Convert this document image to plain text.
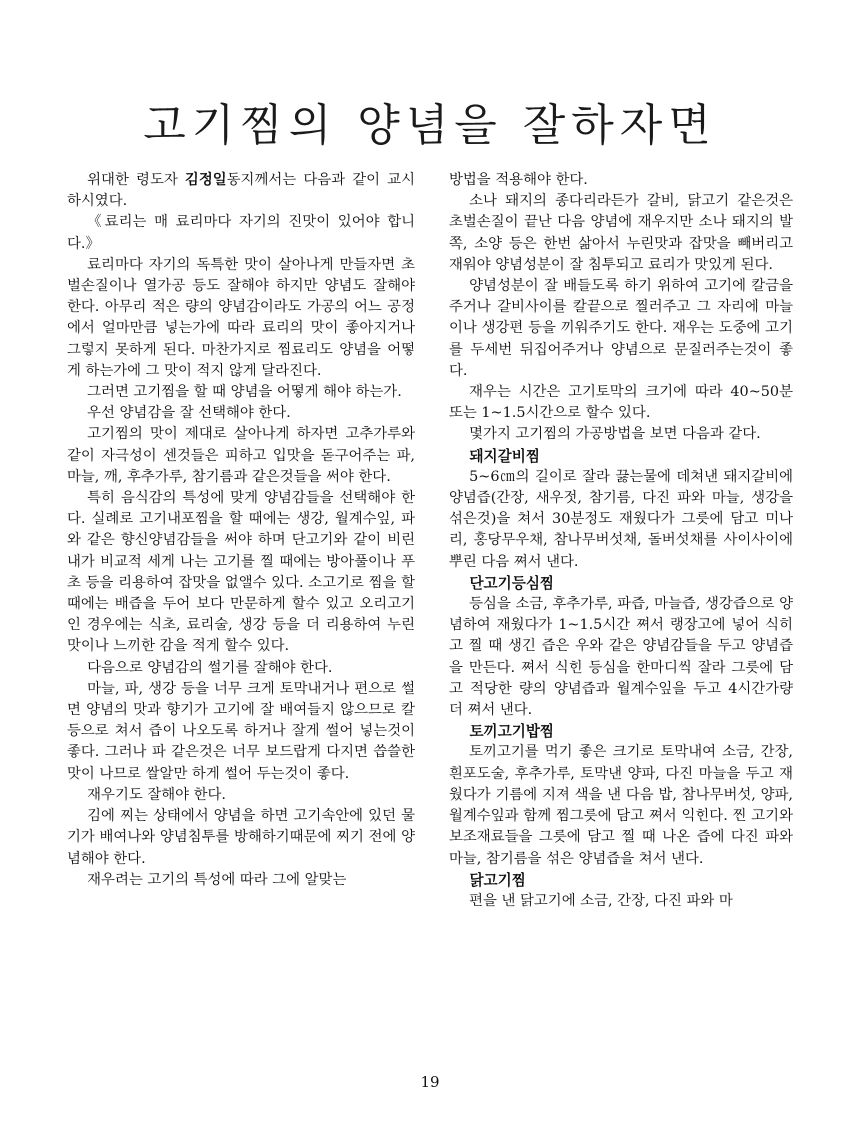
고기찜의 양념을 잘하자면

위대한 령도자 김정일동지께서는 다음과 같이 교시하시였다.

《료리는 매 료리마다 자기의 진맛이 있어야 합니다.》

료리마다 자기의 독특한 맛이 살아나게 만들자면 초벌손질이나 열가공 등도 잘해야 하지만 양념도 잘해야 한다. 아무리 적은 량의 양념감이라도 가공의 어느 공정에서 얼마만큼 넣는가에 따라 료리의 맛이 좋아지거나 그렇지 못하게 된다. 마찬가지로 찜료리도 양념을 어떻게 하는가에 그 맛이 적지 않게 달라진다.

그러면 고기찜을 할 때 양념을 어떻게 해야 하는가.

우선 양념감을 잘 선택해야 한다.

고기찜의 맛이 제대로 살아나게 하자면 고추가루와 같이 자극성이 센것들은 피하고 입맛을 돋구어주는 파, 마늘, 깨, 후추가루, 참기름과 같은것들을 써야 한다.

특히 음식감의 특성에 맞게 양념감들을 선택해야 한다. 실례로 고기내포찜을 할 때에는 생강, 월계수잎, 파와 같은 향신양념감들을 써야 하며 단고기와 같이 비린내가 비교적 세게 나는 고기를 찔 때에는 방아풀이나 푸초 등을 리용하여 잡맛을 없앨수 있다. 소고기로 찜을 할 때에는 배즙을 두어 보다 만문하게 할수 있고 오리고기인 경우에는 식초, 료리술, 생강 등을 더 리용하여 누린 맛이나 느끼한 감을 적게 할수 있다.

다음으로 양념감의 썰기를 잘해야 한다.

마늘, 파, 생강 등을 너무 크게 토막내거나 편으로 썰면 양념의 맛과 향기가 고기에 잘 배여들지 않으므로 칼등으로 쳐서 즙이 나오도록 하거나 잘게 썰어 넣는것이 좋다. 그러나 파 같은것은 너무 보드랍게 다지면 씁쓸한 맛이 나므로 쌀알만 하게 썰어 두는것이 좋다.

재우기도 잘해야 한다.

김에 찌는 상태에서 양념을 하면 고기속안에 있던 물기가 배여나와 양념침투를 방해하기때문에 찌기 전에 양념해야 한다.

재우려는 고기의 특성에 따라 그에 알맞는

방법을 적용해야 한다.

소나 돼지의 종다리라든가 갈비, 닭고기 같은것은 초벌손질이 끝난 다음 양념에 재우지만 소나 돼지의 발쪽, 소양 등은 한번 삶아서 누린맛과 잡맛을 빼버리고 재워야 양념성분이 잘 침투되고 료리가 맛있게 된다.

양념성분이 잘 배들도록 하기 위하여 고기에 칼금을 주거나 갈비사이를 칼끝으로 찔러주고 그 자리에 마늘이나 생강편 등을 끼워주기도 한다. 재우는 도중에 고기를 두세번 뒤집어주거나 양념으로 문질러주는것이 좋다.

재우는 시간은 고기토막의 크기에 따라 40~50분 또는 1~1.5시간으로 할수 있다.

몇가지 고기찜의 가공방법을 보면 다음과 같다.

돼지갈비찜

5~6㎝의 길이로 잘라 끓는물에 데쳐낸 돼지갈비에 양념즙(간장, 새우젓, 참기름, 다진 파와 마늘, 생강을 섞은것)을 쳐서 30분정도 재웠다가 그릇에 담고 미나리, 홍당무우채, 참나무버섯채, 돌버섯채를 사이사이에 뿌린 다음 쪄서 낸다.

단고기등심찜

등심을 소금, 후추가루, 파즙, 마늘즙, 생강즙으로 양념하여 재웠다가 1~1.5시간 쪄서 랭장고에 넣어 식히고 찔 때 생긴 즙은 우와 같은 양념감들을 두고 양념즙을 만든다. 쪄서 식힌 등심을 한마디씩 잘라 그릇에 담고 적당한 량의 양념즙과 월계수잎을 두고 4시간가량 더 쪄서 낸다.

토끼고기밥찜

토끼고기를 먹기 좋은 크기로 토막내여 소금, 간장, 흰포도술, 후추가루, 토막낸 양파, 다진 마늘을 두고 재웠다가 기름에 지져 색을 낸 다음 밥, 참나무버섯, 양파, 월계수잎과 함께 찜그릇에 담고 쪄서 익힌다. 찐 고기와 보조재료들을 그릇에 담고 찔 때 나온 즙에 다진 파와 마늘, 참기름을 섞은 양념즙을 쳐서 낸다.

닭고기찜

편을 낸 닭고기에 소금, 간장, 다진 파와 마

19
